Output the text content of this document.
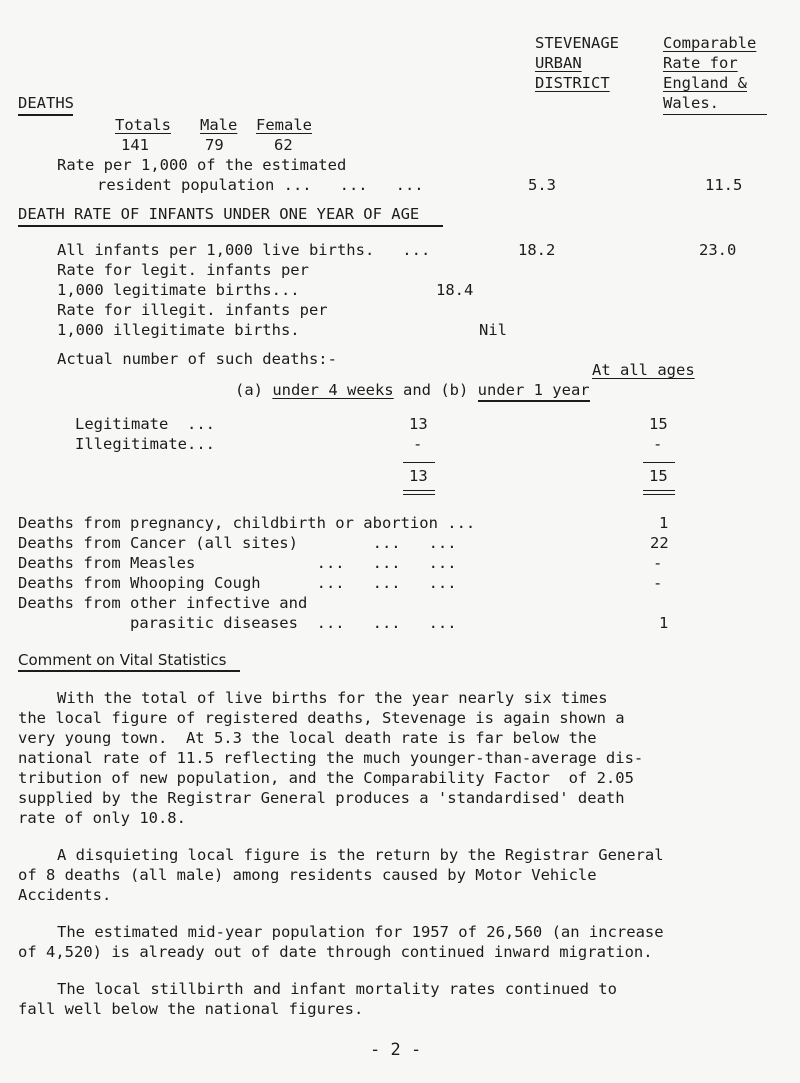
STEVENAGE
URBAN
DISTRICT
Comparable
Rate for
England &
Wales.
DEATHS
Totals Male Female
141	79	62
Rate per 1,000 of the estimated
resident population ...   ...   ...	5.3	11.5
DEATH RATE OF INFANTS UNDER ONE YEAR OF AGE
All infants per 1,000 live births.   ...	18.2	23.0
Rate for legit. infants per
1,000 legitimate births...	18.4
Rate for illegit. infants per
1,000 illegitimate births.	Nil
Actual number of such deaths:-
At all ages
(a) under 4 weeks and (b) under 1 year
Legitimate  ...	13	15
Illegitimate...	-	-
13	15
Deaths from pregnancy, childbirth or abortion ...	1
Deaths from Cancer (all sites)        ...   ...	22
Deaths from Measles             ...   ...   ...	-
Deaths from Whooping Cough      ...   ...   ...	-
Deaths from other infective and
parasitic diseases  ...   ...   ...	1
Comment on Vital Statistics
With the total of live births for the year nearly six times
the local figure of registered deaths, Stevenage is again shown a
very young town.  At 5.3 the local death rate is far below the
national rate of 11.5 reflecting the much younger-than-average dis-
tribution of new population, and the Comparability Factor  of 2.05
supplied by the Registrar General produces a 'standardised' death
rate of only 10.8.
A disquieting local figure is the return by the Registrar General
of 8 deaths (all male) among residents caused by Motor Vehicle
Accidents.
The estimated mid-year population for 1957 of 26,560 (an increase
of 4,520) is already out of date through continued inward migration.
The local stillbirth and infant mortality rates continued to
fall well below the national figures.
- 2 -
